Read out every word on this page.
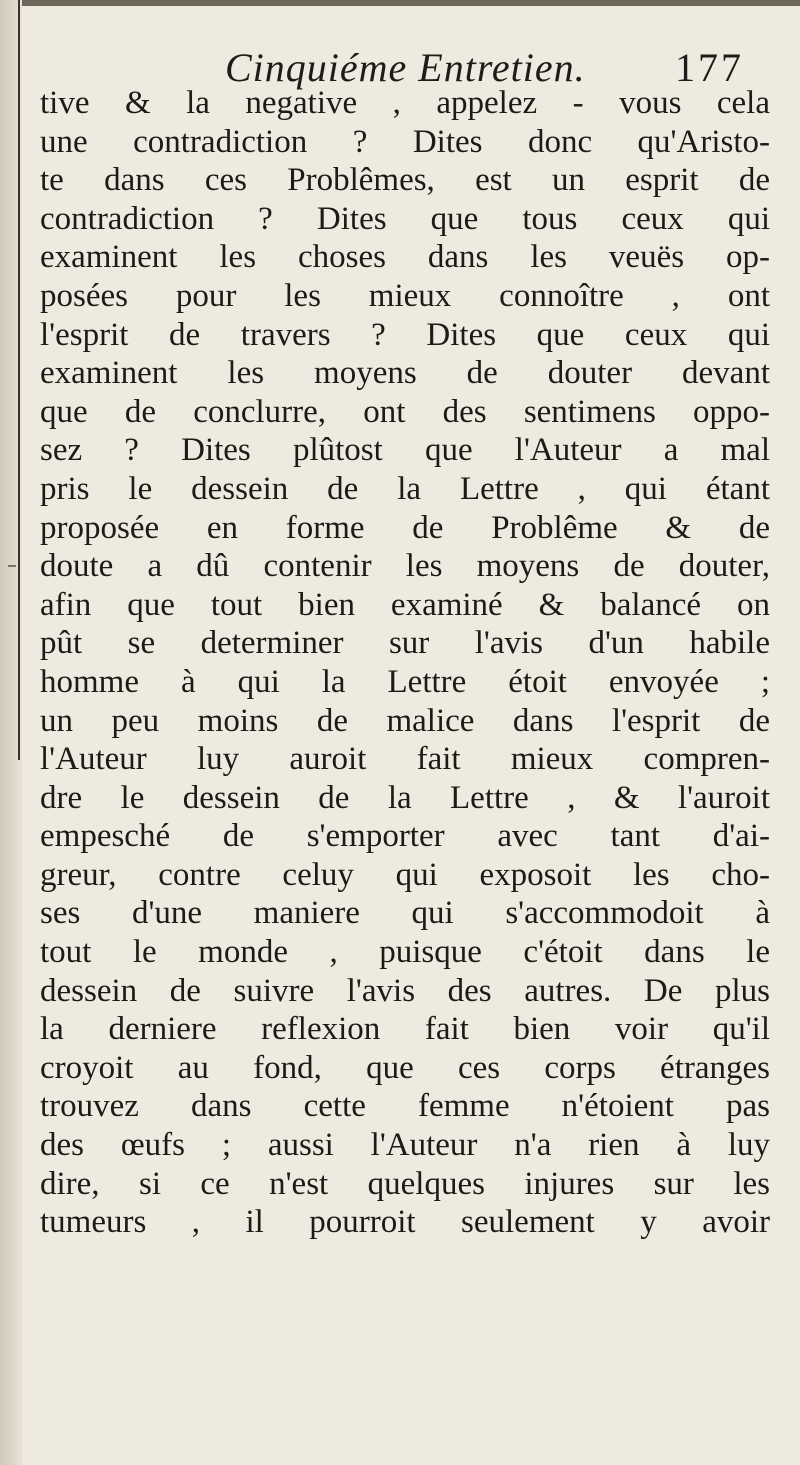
Cinquiéme Entretien. 177
tive & la negative , appelez - vous cela
une contradiction ? Dites donc qu'Aristo-
te dans ces Problêmes, est un esprit de
contradiction ? Dites que tous ceux qui
examinent les choses dans les veuës op-
posées pour les mieux connoître , ont
l'esprit de travers ? Dites que ceux qui
examinent les moyens de douter devant
que de conclurre, ont des sentimens oppo-
sez ? Dites plûtost que l'Auteur a mal
pris le dessein de la Lettre , qui étant
proposée en forme de Problême & de
doute a dû contenir les moyens de douter,
afin que tout bien examiné & balancé on
pût se determiner sur l'avis d'un habile
homme à qui la Lettre étoit envoyée ;
un peu moins de malice dans l'esprit de
l'Auteur luy auroit fait mieux compren-
dre le dessein de la Lettre , & l'auroit
empesché de s'emporter avec tant d'ai-
greur, contre celuy qui exposoit les cho-
ses d'une maniere qui s'accommodoit à
tout le monde , puisque c'étoit dans le
dessein de suivre l'avis des autres. De plus
la derniere reflexion fait bien voir qu'il
croyoit au fond, que ces corps étranges
trouvez dans cette femme n'étoient pas
des œufs ; aussi l'Auteur n'a rien à luy
dire, si ce n'est quelques injures sur les
tumeurs , il pourroit seulement y avoir
